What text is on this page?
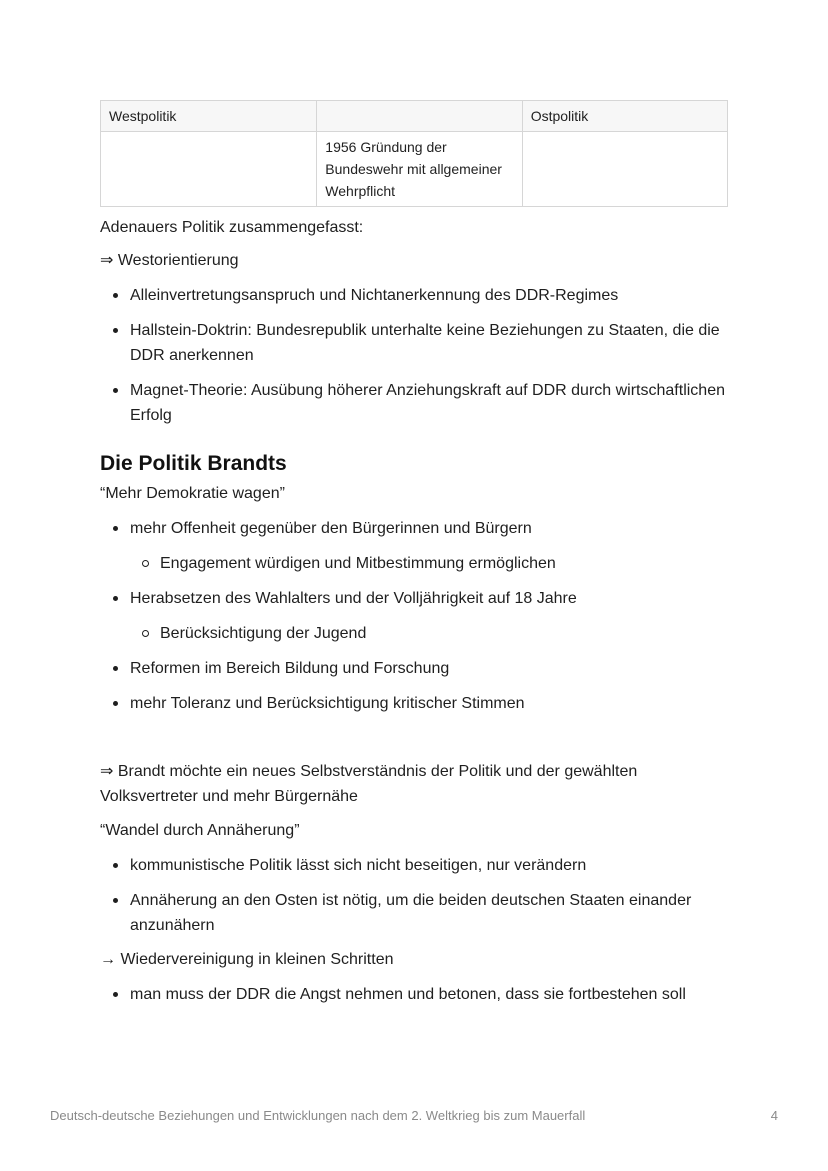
Westpolitik		Ostpolitik
	1956 Gründung der Bundeswehr mit allgemeiner Wehrpflicht	

Adenauers Politik zusammengefasst:

⇒ Westorientierung

Alleinvertretungsanspruch und Nichtanerkennung des DDR-Regimes
Hallstein-Doktrin: Bundesrepublik unterhalte keine Beziehungen zu Staaten, die die DDR anerkennen
Magnet-Theorie: Ausübung höherer Anziehungskraft auf DDR durch wirtschaftlichen Erfolg
Die Politik Brandts

“Mehr Demokratie wagen”

mehr Offenheit gegenüber den Bürgerinnen und Bürgern
Engagement würdigen und Mitbestimmung ermöglichen
Herabsetzen des Wahlalters und der Volljährigkeit auf 18 Jahre
Berücksichtigung der Jugend
Reformen im Bereich Bildung und Forschung
mehr Toleranz und Berücksichtigung kritischer Stimmen

⇒ Brandt möchte ein neues Selbstverständnis der Politik und der gewählten Volksvertreter und mehr Bürgernähe

“Wandel durch Annäherung”

kommunistische Politik lässt sich nicht beseitigen, nur verändern
Annäherung an den Osten ist nötig, um die beiden deutschen Staaten einander anzunähern

→ Wiedervereinigung in kleinen Schritten

man muss der DDR die Angst nehmen und betonen, dass sie fortbestehen soll
Deutsch-deutsche Beziehungen und Entwicklungen nach dem 2. Weltkrieg bis zum Mauerfall	4
